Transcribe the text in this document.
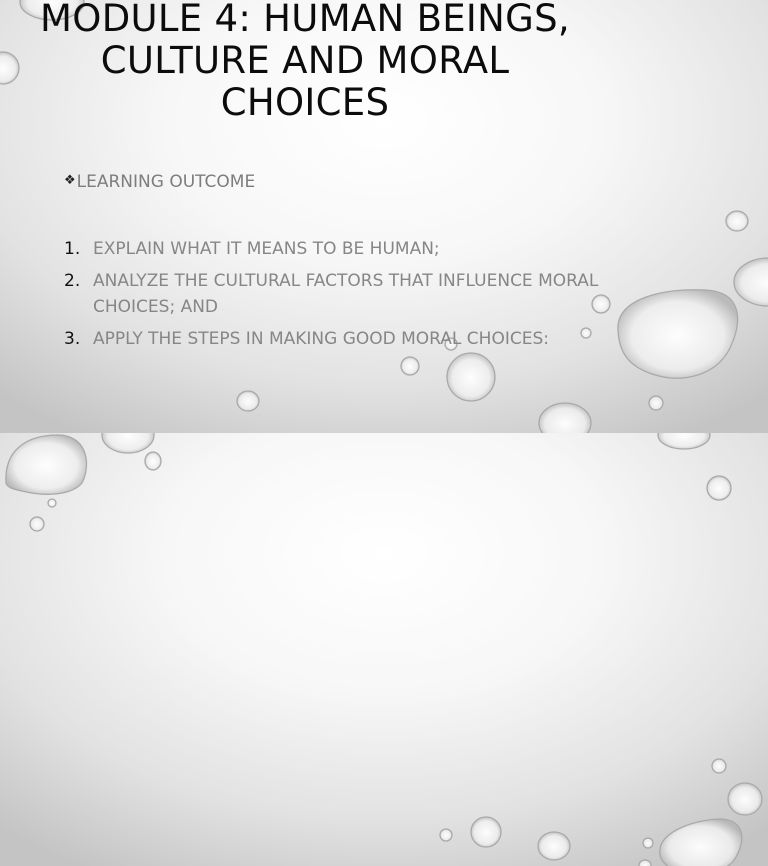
MODULE 4: HUMAN BEINGS, CULTURE AND MORAL CHOICES
❖LEARNING OUTCOME
1. EXPLAIN WHAT IT MEANS TO BE HUMAN;
2. ANALYZE THE CULTURAL FACTORS THAT INFLUENCE MORAL CHOICES; AND
3. APPLY THE STEPS IN MAKING GOOD MORAL CHOICES:
